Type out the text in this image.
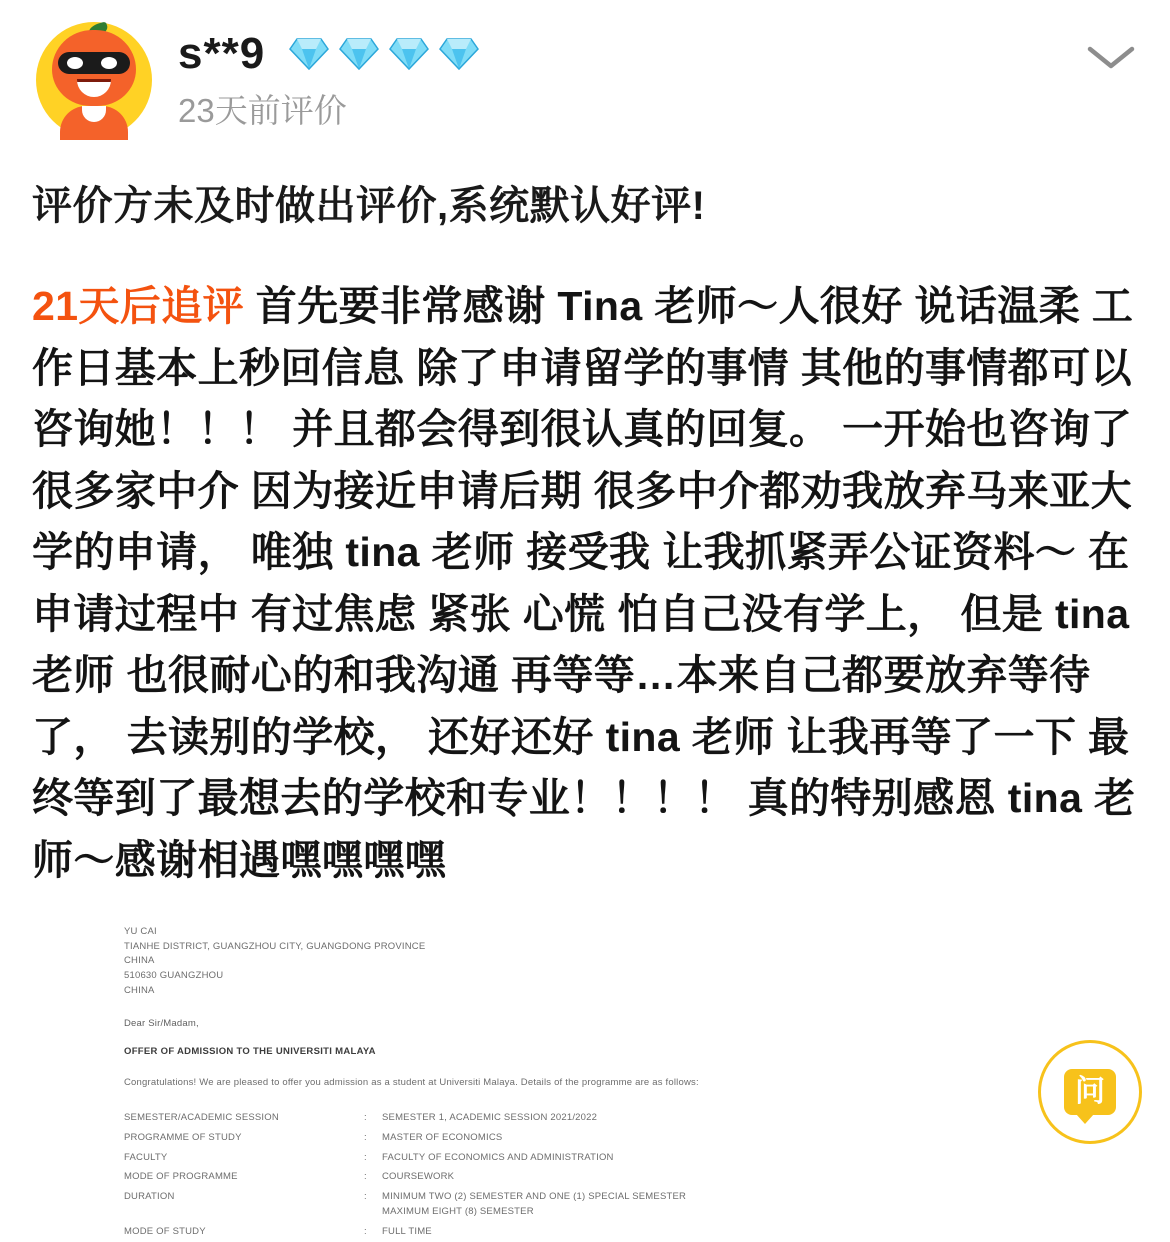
s**9
23天前评价
评价方未及时做出评价,系统默认好评!
21天后追评 首先要非常感谢 Tina 老师～人很好 说话温柔 工作日基本上秒回信息 除了申请留学的事情 其他的事情都可以咨询她！！！ 并且都会得到很认真的回复。 一开始也咨询了很多家中介 因为接近申请后期 很多中介都劝我放弃马来亚大学的申请， 唯独 tina 老师 接受我 让我抓紧弄公证资料～ 在申请过程中 有过焦虑 紧张 心慌 怕自己没有学上， 但是 tina 老师 也很耐心的和我沟通 再等等…本来自己都要放弃等待了， 去读别的学校， 还好还好 tina 老师 让我再等了一下 最终等到了最想去的学校和专业！！！！ 真的特别感恩 tina 老师～感谢相遇嘿嘿嘿嘿
YU CAI
TIANHE DISTRICT, GUANGZHOU CITY, GUANGDONG PROVINCE
CHINA
510630 GUANGZHOU
CHINA
Dear Sir/Madam,
OFFER OF ADMISSION TO THE UNIVERSITI MALAYA
Congratulations! We are pleased to offer you admission as a student at Universiti Malaya. Details of the programme are as follows:
SEMESTER/ACADEMIC SESSION	:	SEMESTER 1, ACADEMIC SESSION 2021/2022
PROGRAMME OF STUDY	:	MASTER OF ECONOMICS
FACULTY	:	FACULTY OF ECONOMICS AND ADMINISTRATION
MODE OF PROGRAMME	:	COURSEWORK
DURATION	:	MINIMUM TWO (2) SEMESTER AND ONE (1) SPECIAL SEMESTER
MAXIMUM EIGHT (8) SEMESTER

MODE OF STUDY	:	FULL TIME
问
